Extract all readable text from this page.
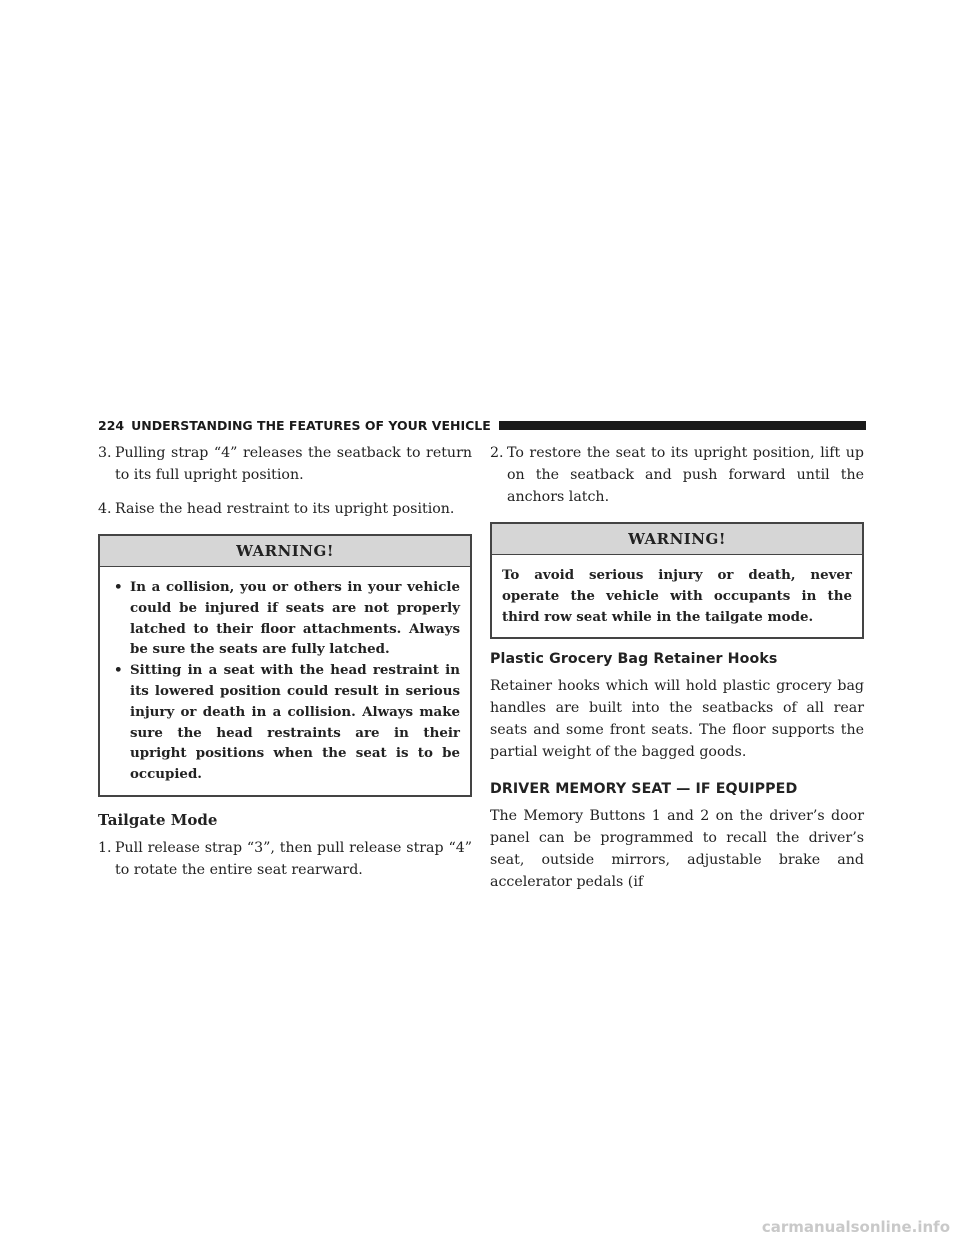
224 UNDERSTANDING THE FEATURES OF YOUR VEHICLE

3. Pulling strap “4” releases the seatback to return to its full upright position.

4. Raise the head restraint to its upright position.

WARNING!

• In a collision, you or others in your vehicle could be injured if seats are not properly latched to their floor attachments. Always be sure the seats are fully latched.

• Sitting in a seat with the head restraint in its lowered position could result in serious injury or death in a collision. Always make sure the head restraints are in their upright positions when the seat is to be occupied.

Tailgate Mode

1. Pull release strap “3”, then pull release strap “4” to rotate the entire seat rearward.

2. To restore the seat to its upright position, lift up on the seatback and push forward until the anchors latch.

WARNING!

To avoid serious injury or death, never operate the vehicle with occupants in the third row seat while in the tailgate mode.

Plastic Grocery Bag Retainer Hooks

Retainer hooks which will hold plastic grocery bag handles are built into the seatbacks of all rear seats and some front seats. The floor supports the partial weight of the bagged goods.

DRIVER MEMORY SEAT — IF EQUIPPED

The Memory Buttons 1 and 2 on the driver’s door panel can be programmed to recall the driver’s seat, outside mirrors, adjustable brake and accelerator pedals (if

carmanualsonline.info
